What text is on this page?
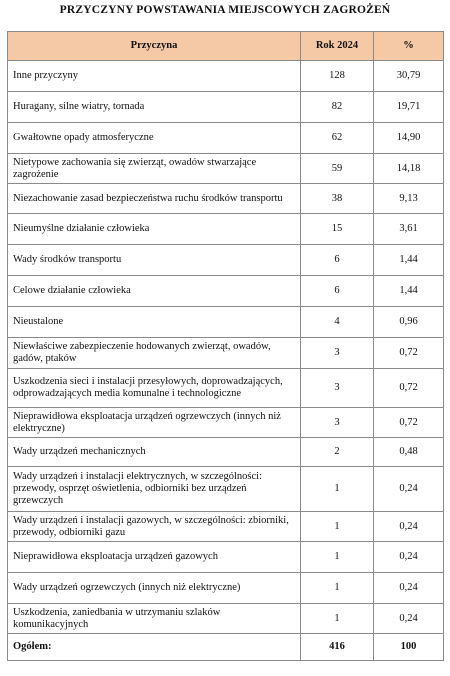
PRZYCZYNY POWSTAWANIA MIEJSCOWYCH ZAGROŻEŃ
Przyczyna	Rok 2024	%
Inne przyczyny	128	30,79
Huragany, silne wiatry, tornada	82	19,71
Gwałtowne opady atmosferyczne	62	14,90
Nietypowe zachowania się zwierząt, owadów stwarzające zagrożenie	59	14,18
Niezachowanie zasad bezpieczeństwa ruchu środków transportu	38	9,13
Nieumyślne działanie człowieka	15	3,61
Wady środków transportu	6	1,44
Celowe działanie człowieka	6	1,44
Nieustalone	4	0,96
Niewłaściwe zabezpieczenie hodowanych zwierząt, owadów, gadów, ptaków	3	0,72
Uszkodzenia sieci i instalacji przesyłowych, doprowadzających, odprowadzających media komunalne i technologiczne	3	0,72
Nieprawidłowa eksploatacja urządzeń ogrzewczych (innych niż elektryczne)	3	0,72
Wady urządzeń mechanicznych	2	0,48
Wady urządzeń i instalacji elektrycznych, w szczególności: przewody, osprzęt oświetlenia, odbiorniki bez urządzeń grzewczych	1	0,24
Wady urządzeń i instalacji gazowych, w szczególności: zbiorniki, przewody, odbiorniki gazu	1	0,24
Nieprawidłowa eksploatacja urządzeń gazowych	1	0,24
Wady urządzeń ogrzewczych (innych niż elektryczne)	1	0,24
Uszkodzenia, zaniedbania w utrzymaniu szlaków komunikacyjnych	1	0,24
Ogółem:	416	100
